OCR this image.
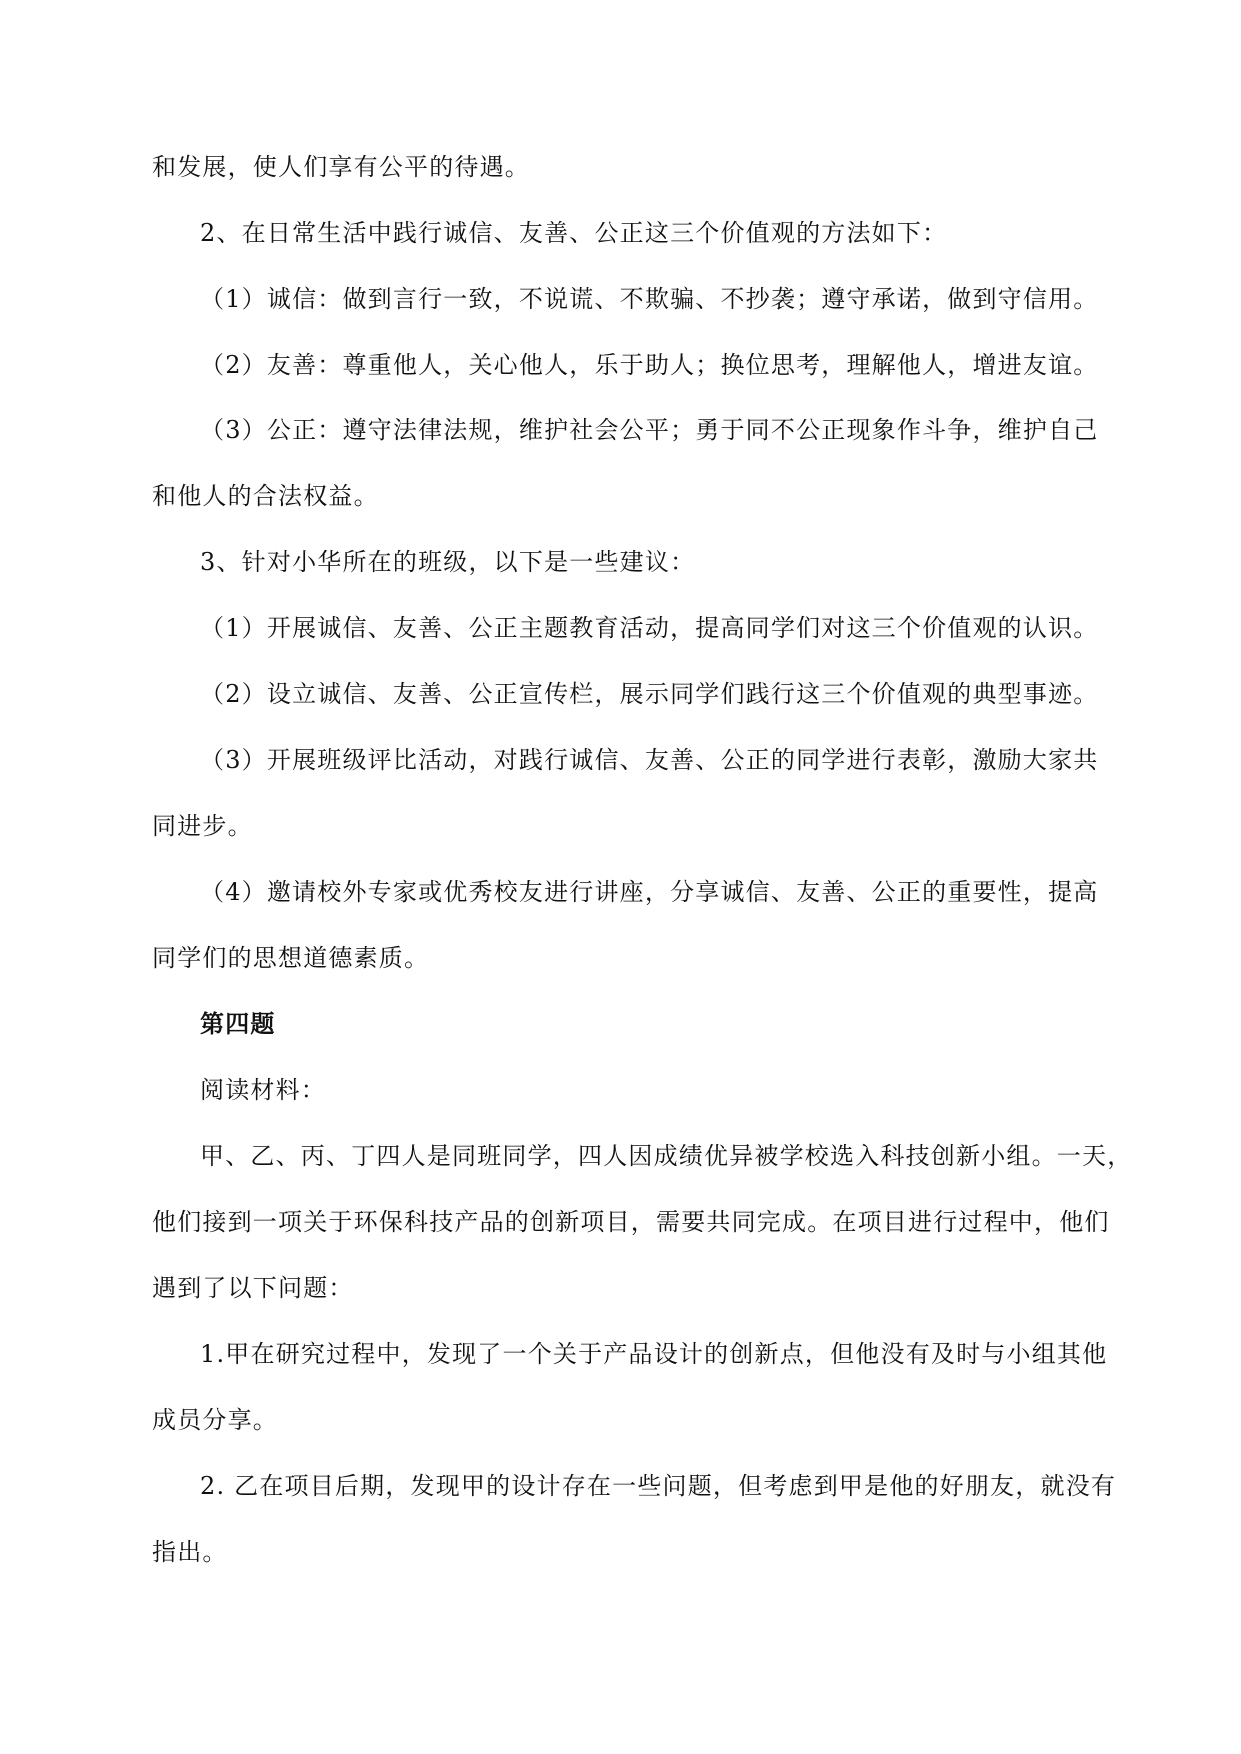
和发展，使人们享有公平的待遇。
2、在日常生活中践行诚信、友善、公正这三个价值观的方法如下：
（1）诚信：做到言行一致，不说谎、不欺骗、不抄袭；遵守承诺，做到守信用。
（2）友善：尊重他人，关心他人，乐于助人；换位思考，理解他人，增进友谊。
（3）公正：遵守法律法规，维护社会公平；勇于同不公正现象作斗争，维护自己
和他人的合法权益。
3、针对小华所在的班级，以下是一些建议：
（1）开展诚信、友善、公正主题教育活动，提高同学们对这三个价值观的认识。
（2）设立诚信、友善、公正宣传栏，展示同学们践行这三个价值观的典型事迹。
（3）开展班级评比活动，对践行诚信、友善、公正的同学进行表彰，激励大家共
同进步。
（4）邀请校外专家或优秀校友进行讲座，分享诚信、友善、公正的重要性，提高
同学们的思想道德素质。
第四题
阅读材料：
甲、乙、丙、丁四人是同班同学，四人因成绩优异被学校选入科技创新小组。一天，
他们接到一项关于环保科技产品的创新项目，需要共同完成。在项目进行过程中，他们
遇到了以下问题：
1.甲在研究过程中，发现了一个关于产品设计的创新点，但他没有及时与小组其他
成员分享。
2. 乙在项目后期，发现甲的设计存在一些问题，但考虑到甲是他的好朋友，就没有
指出。
